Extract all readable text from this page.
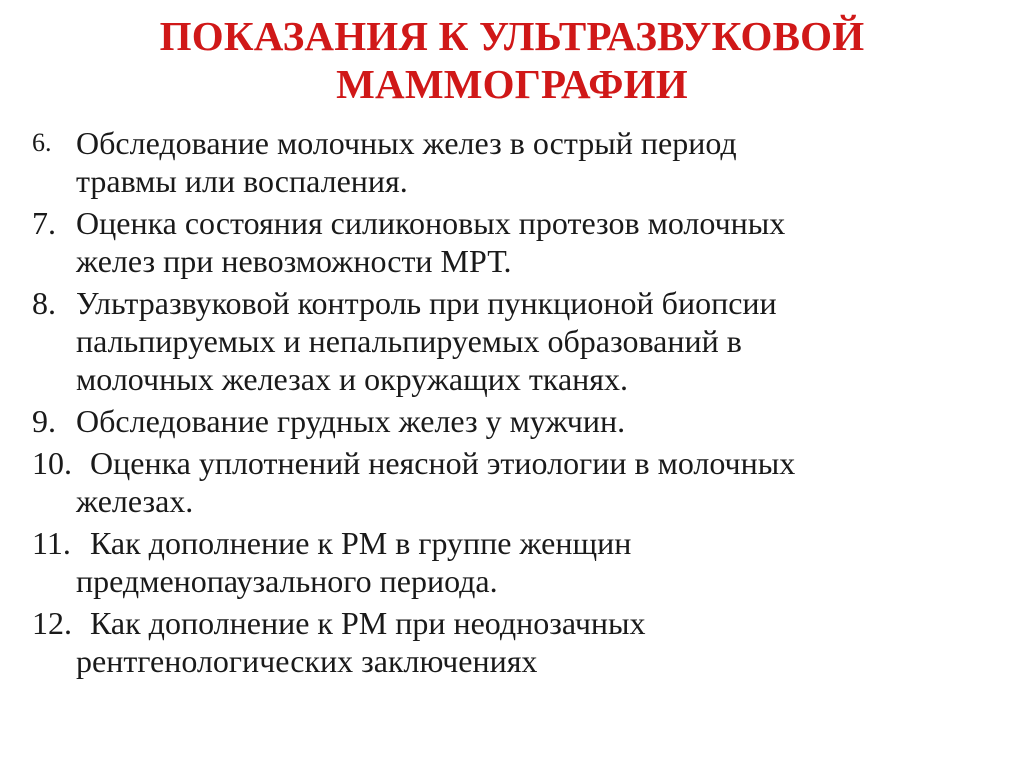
ПОКАЗАНИЯ К УЛЬТРАЗВУКОВОЙ
МАММОГРАФИИ
6. Обследование молочных желез в острый период
травмы или воспаления.
7. Оценка состояния силиконовых протезов молочных
желез при невозможности МРТ.
8. Ультразвуковой контроль при пункционой биопсии
пальпируемых и непальпируемых образований в
молочных железах и окружащих тканях.
9. Обследование грудных желез у мужчин.
10. Оценка уплотнений неясной этиологии в молочных
железах.
11. Как дополнение к РМ в группе женщин
предменопаузального периода.
12. Как дополнение к РМ при неоднозачных
рентгенологических заключениях
